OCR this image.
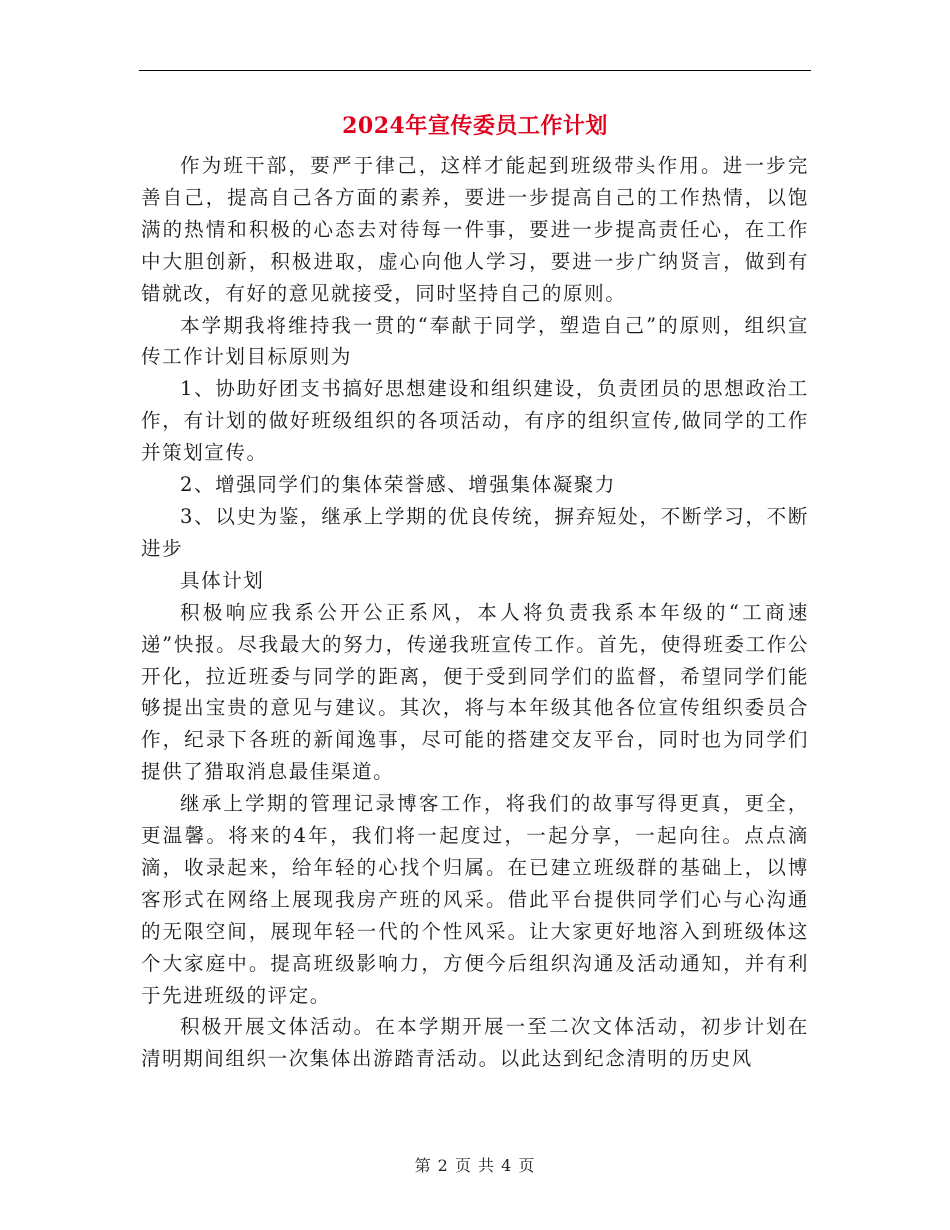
2024年宣传委员工作计划

作为班干部，要严于律己，这样才能起到班级带头作用。进一步完善自己，提高自己各方面的素养，要进一步提高自己的工作热情，以饱满的热情和积极的心态去对待每一件事，要进一步提高责任心，在工作中大胆创新，积极进取，虚心向他人学习，要进一步广纳贤言，做到有错就改，有好的意见就接受，同时坚持自己的原则。

本学期我将维持我一贯的“奉献于同学，塑造自己”的原则，组织宣传工作计划目标原则为

1、协助好团支书搞好思想建设和组织建设，负责团员的思想政治工作，有计划的做好班级组织的各项活动，有序的组织宣传,做同学的工作并策划宣传。

2、增强同学们的集体荣誉感、增强集体凝聚力

3、以史为鉴，继承上学期的优良传统，摒弃短处，不断学习，不断进步

具体计划

积极响应我系公开公正系风，本人将负责我系本年级的“工商速递”快报。尽我最大的努力，传递我班宣传工作。首先，使得班委工作公开化，拉近班委与同学的距离，便于受到同学们的监督，希望同学们能够提出宝贵的意见与建议。其次，将与本年级其他各位宣传组织委员合作，纪录下各班的新闻逸事，尽可能的搭建交友平台，同时也为同学们提供了猎取消息最佳渠道。

继承上学期的管理记录博客工作，将我们的故事写得更真，更全，更温馨。将来的4年，我们将一起度过，一起分享，一起向往。点点滴滴，收录起来，给年轻的心找个归属。在已建立班级群的基础上，以博客形式在网络上展现我房产班的风采。借此平台提供同学们心与心沟通的无限空间，展现年轻一代的个性风采。让大家更好地溶入到班级体这个大家庭中。提高班级影响力，方便今后组织沟通及活动通知，并有利于先进班级的评定。

积极开展文体活动。在本学期开展一至二次文体活动，初步计划在清明期间组织一次集体出游踏青活动。以此达到纪念清明的历史风

第 2 页 共 4 页
